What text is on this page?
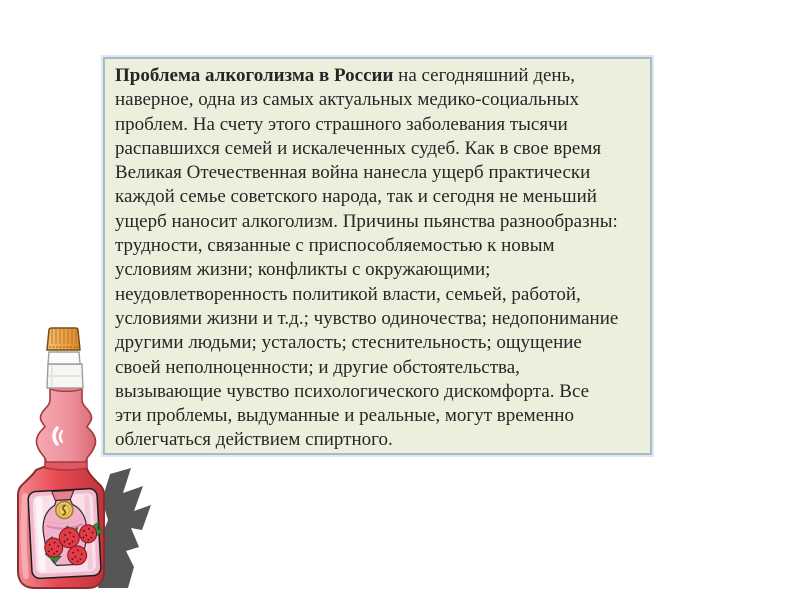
Проблема алкоголизма в России на сегодняшний день,
наверное, одна из самых актуальных медико-социальных
проблем. На счету этого страшного заболевания тысячи
распавшихся семей и искалеченных судеб. Как в свое время
Великая Отечественная война нанесла ущерб практически
каждой семье советского народа, так и сегодня не меньший
ущерб наносит алкоголизм. Причины пьянства разнообразны:
трудности, связанные с приспособляемостью к новым
условиям жизни; конфликты с окружающими;
неудовлетворенность политикой власти, семьей, работой,
условиями жизни и т.д.; чувство одиночества; недопонимание
другими людьми; усталость; стеснительность; ощущение
своей неполноценности; и другие обстоятельства,
вызывающие чувство психологического дискомфорта. Все
эти проблемы, выдуманные и реальные, могут временно
облегчаться действием спиртного.
